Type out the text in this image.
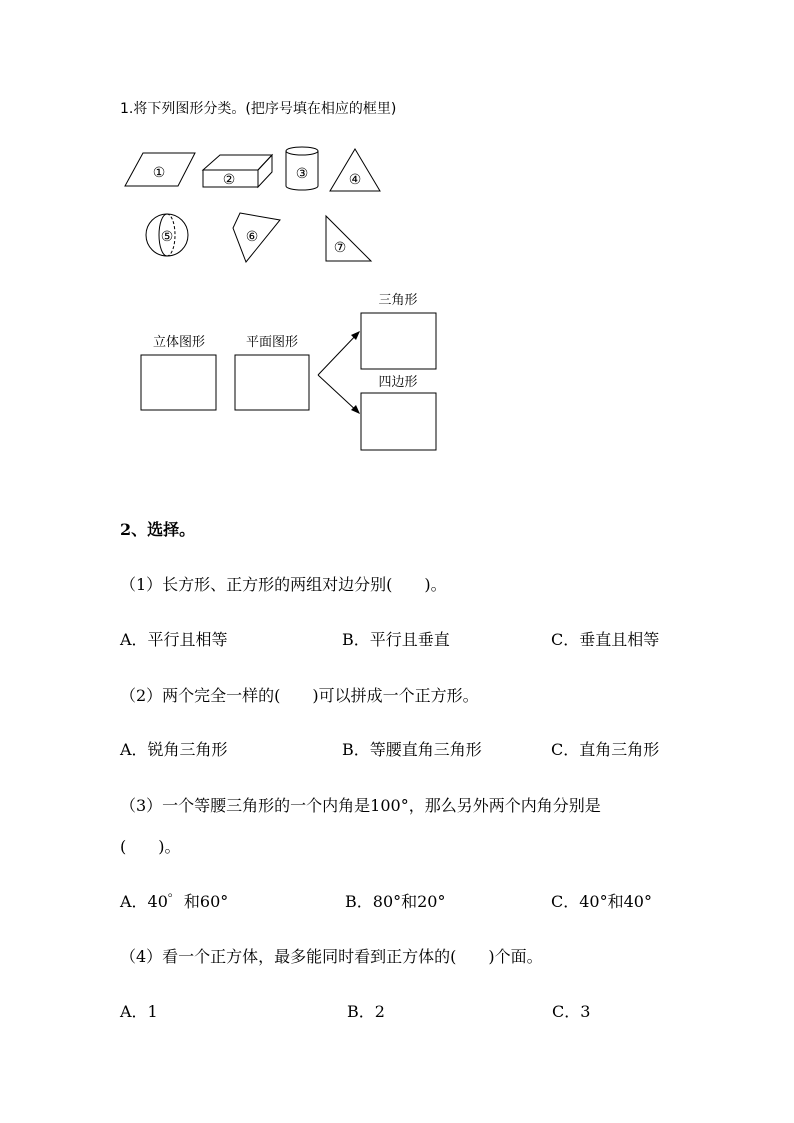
1.将下列图形分类。(把序号填在相应的框里)
①	②	③	④
⑤	⑥
⑦
立体图形	平面图形
三角形
四边形
2、选择。
（1）长方形、正方形的两组对边分别(　　)。
A．平行且相等	B．平行且垂直	C．垂直且相等
（2）两个完全一样的(　　)可以拼成一个正方形。
A．锐角三角形	B．等腰直角三角形	C．直角三角形
（3）一个等腰三角形的一个内角是100°，那么另外两个内角分别是
(　　)。
A．40゜和60°	B．80°和20°	C．40°和40°
（4）看一个正方体，最多能同时看到正方体的(　　)个面。
A．1	B．2	C．3
